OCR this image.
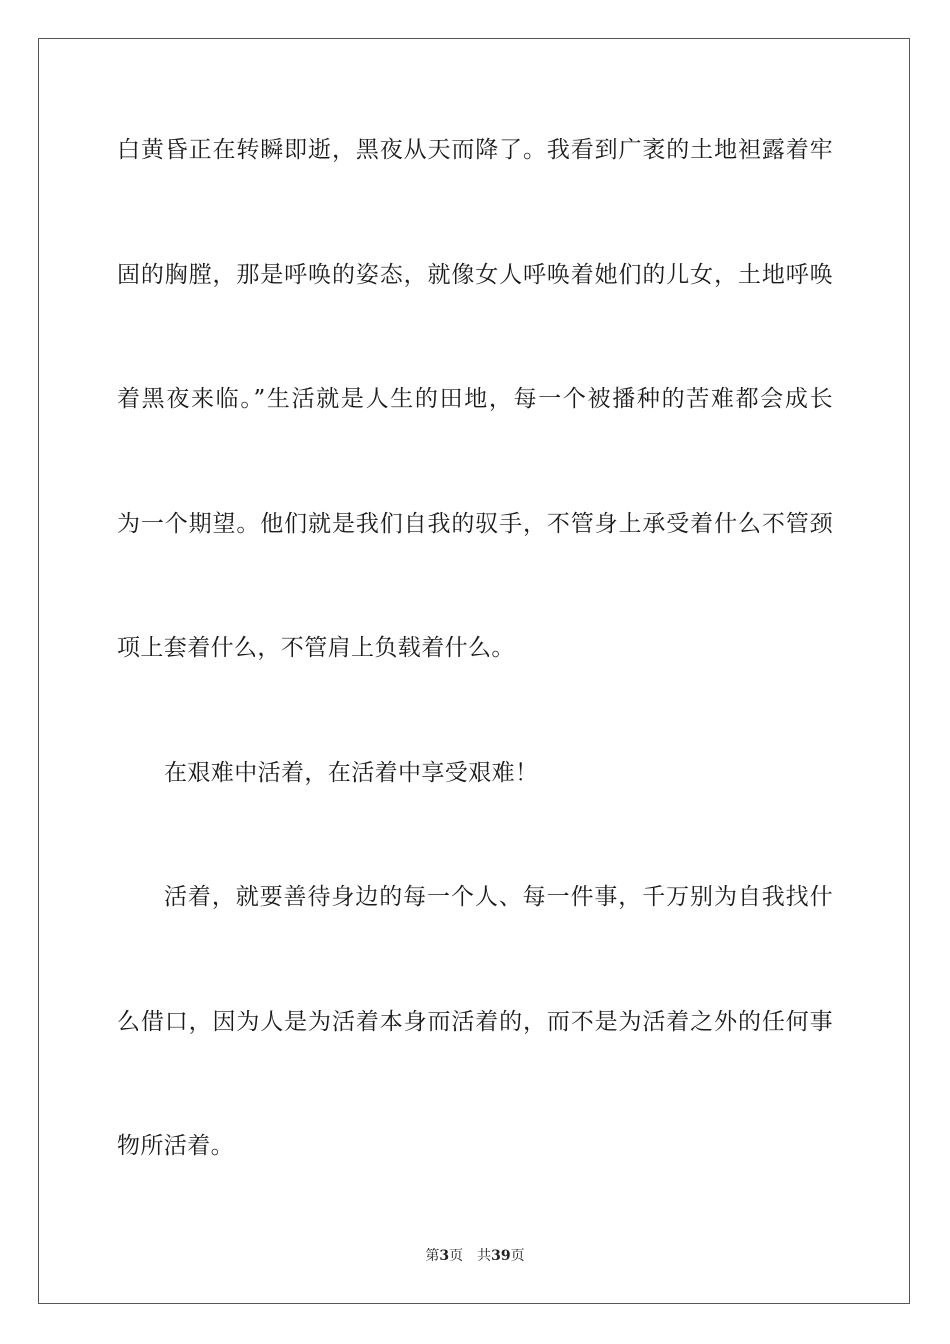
白黄昏正在转瞬即逝，黑夜从天而降了。我看到广袤的土地袒露着牢
固的胸膛，那是呼唤的姿态，就像女人呼唤着她们的儿女，土地呼唤
着黑夜来临。”生活就是人生的田地，每一个被播种的苦难都会成长
为一个期望。他们就是我们自我的驭手，不管身上承受着什么不管颈
项上套着什么，不管肩上负载着什么。
在艰难中活着，在活着中享受艰难！
活着，就要善待身边的每一个人、每一件事，千万别为自我找什
么借口，因为人是为活着本身而活着的，而不是为活着之外的任何事
物所活着。
第3页 共39页
